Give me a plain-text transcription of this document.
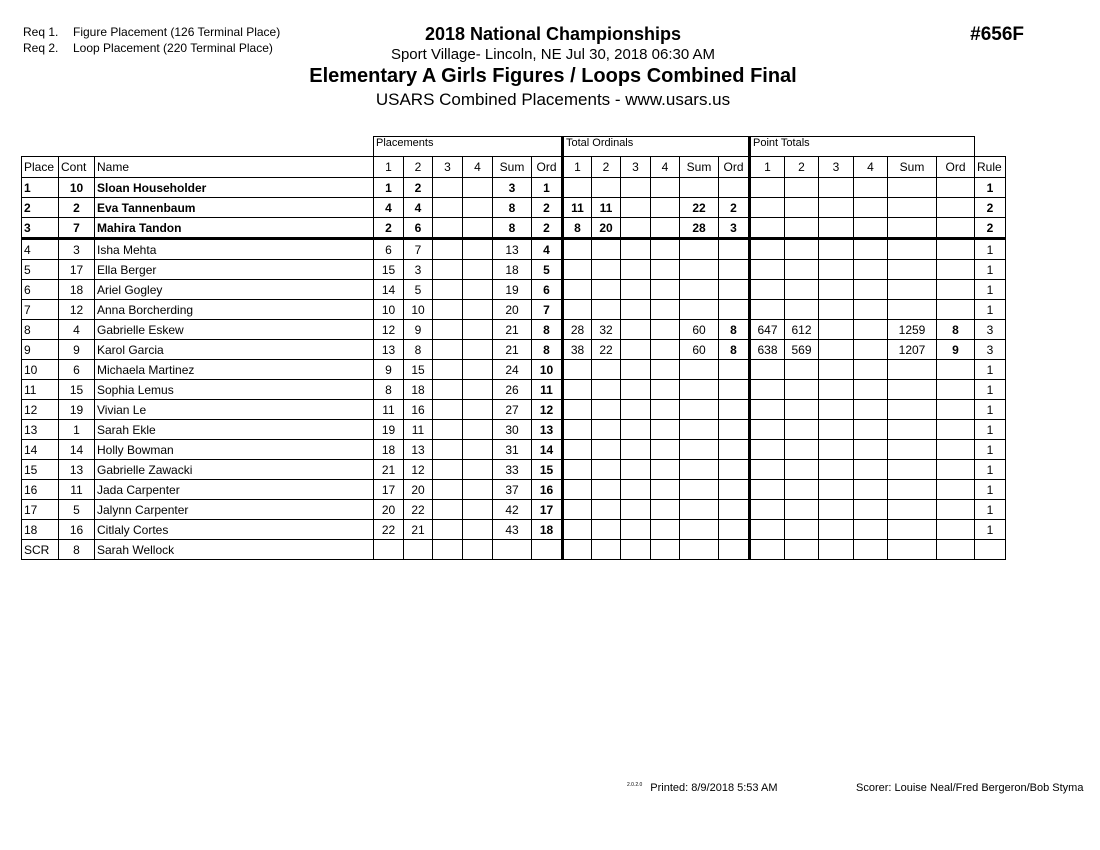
Req 1. Figure Placement (126 Terminal Place)
Req 2. Loop Placement (220 Terminal Place)
2018 National Championships
Sport Village- Lincoln, NE Jul 30, 2018 06:30 AM
Elementary A Girls Figures / Loops Combined Final
USARS Combined Placements - www.usars.us
#656F
			Placements						Total Ordinals						Point Totals						
Place	Cont	Name	1	2	3	4	Sum	Ord	1	2	3	4	Sum	Ord	1	2	3	4	Sum	Ord	Rule
1	10	Sloan Householder	1	2			3	1													1
2	2	Eva Tannenbaum	4	4			8	2	11	11			22	2							2
3	7	Mahira Tandon	2	6			8	2	8	20			28	3							2
4	3	Isha Mehta	6	7			13	4													1
5	17	Ella Berger	15	3			18	5													1
6	18	Ariel Gogley	14	5			19	6													1
7	12	Anna Borcherding	10	10			20	7													1
8	4	Gabrielle Eskew	12	9			21	8	28	32			60	8	647	612			1259	8	3
9	9	Karol Garcia	13	8			21	8	38	22			60	8	638	569			1207	9	3
10	6	Michaela Martinez	9	15			24	10													1
11	15	Sophia Lemus	8	18			26	11													1
12	19	Vivian Le	11	16			27	12													1
13	1	Sarah Ekle	19	11			30	13													1
14	14	Holly Bowman	18	13			31	14													1
15	13	Gabrielle Zawacki	21	12			33	15													1
16	11	Jada Carpenter	17	20			37	16													1
17	5	Jalynn Carpenter	20	22			42	17													1
18	16	Citlaly Cortes	22	21			43	18													1
SCR	8	Sarah Wellock																			
$^{2.0.2.0}$ Printed: 8/9/2018 5:53 AM	Scorer: Louise Neal/Fred Bergeron/Bob Styma
